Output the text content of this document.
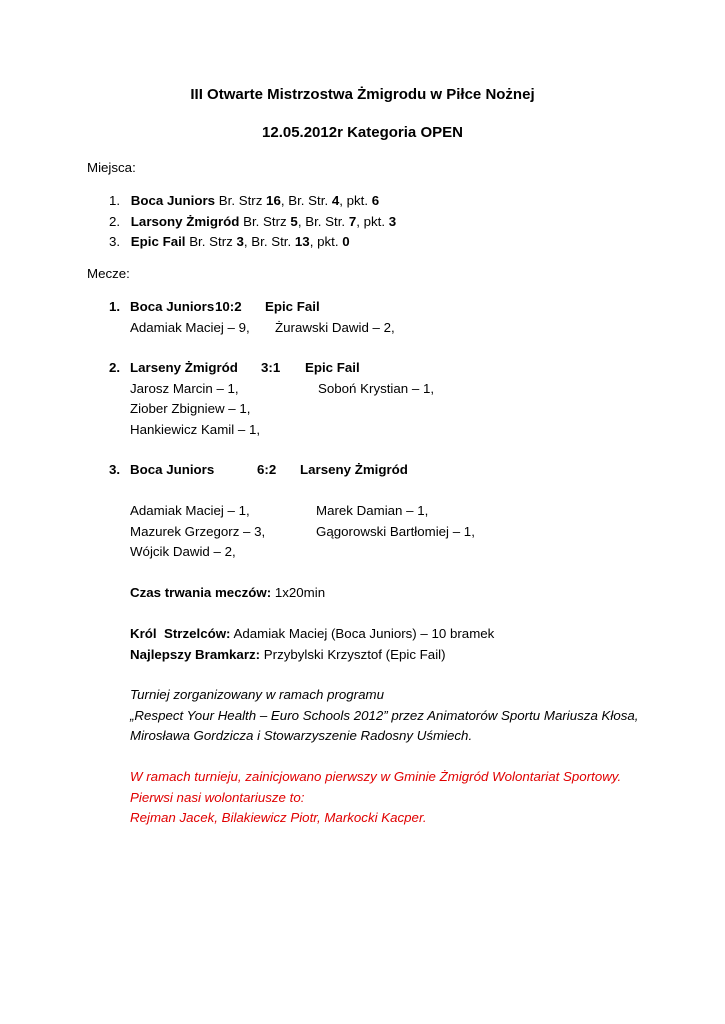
III Otwarte Mistrzostwa Żmigrodu w Piłce Nożnej
12.05.2012r Kategoria OPEN
Miejsca:
1. Boca Juniors Br. Strz 16, Br. Str. 4, pkt. 6
2. Larsony Żmigród Br. Strz 5, Br. Str. 7, pkt. 3
3. Epic Fail Br. Strz 3, Br. Str. 13, pkt. 0
Mecze:
1. Boca Juniors 10:2 Epic Fail
Adamiak Maciej – 9, Żurawski Dawid – 2,
2. Larseny Żmigród 3:1 Epic Fail
Jarosz Marcin – 1,	Soboń Krystian – 1,
Ziober Zbigniew – 1,
Hankiewicz Kamil – 1,
3. Boca Juniors	6:2 Larseny Żmigród
Adamiak Maciej – 1,	Marek Damian – 1,
Mazurek Grzegorz – 3,	Gągorowski Bartłomiej – 1,
Wójcik Dawid – 2,
Czas trwania meczów: 1x20min
Król  Strzelców: Adamiak Maciej (Boca Juniors) – 10 bramek
Najlepszy Bramkarz: Przybylski Krzysztof (Epic Fail)
Turniej zorganizowany w ramach programu
„Respect Your Health – Euro Schools 2012” przez Animatorów Sportu Mariusza Kłosa,
Mirosława Gordzicza i Stowarzyszenie Radosny Uśmiech.
W ramach turnieju, zainicjowano pierwszy w Gminie Żmigród Wolontariat Sportowy.
Pierwsi nasi wolontariusze to:
Rejman Jacek, Bilakiewicz Piotr, Markocki Kacper.
